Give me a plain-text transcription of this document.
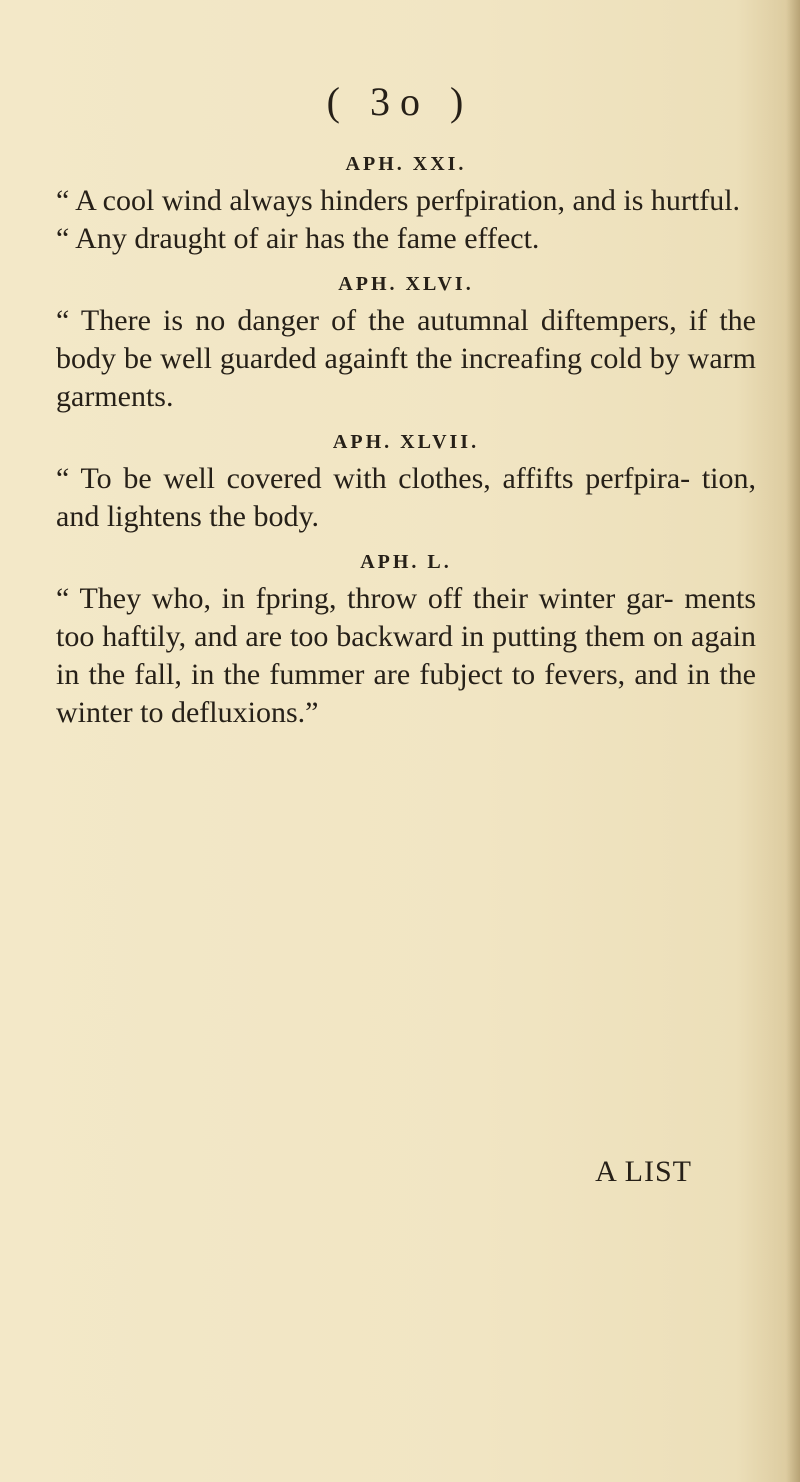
( 3o )
APH. XXI.

“ A cool wind always hinders perfpiration, and is hurtful.

“ Any draught of air has the fame effect.

APH. XLVI.

“ There is no danger of the autumnal diftempers, if the body be well guarded againft the increafing cold by warm garments.

APH. XLVII.

“ To be well covered with clothes, affifts perfpira- tion, and lightens the body.

APH. L.

“ They who, in fpring, throw off their winter gar- ments too haftily, and are too backward in putting them on again in the fall, in the fummer are fubject to fevers, and in the winter to defluxions.”

A LIST
